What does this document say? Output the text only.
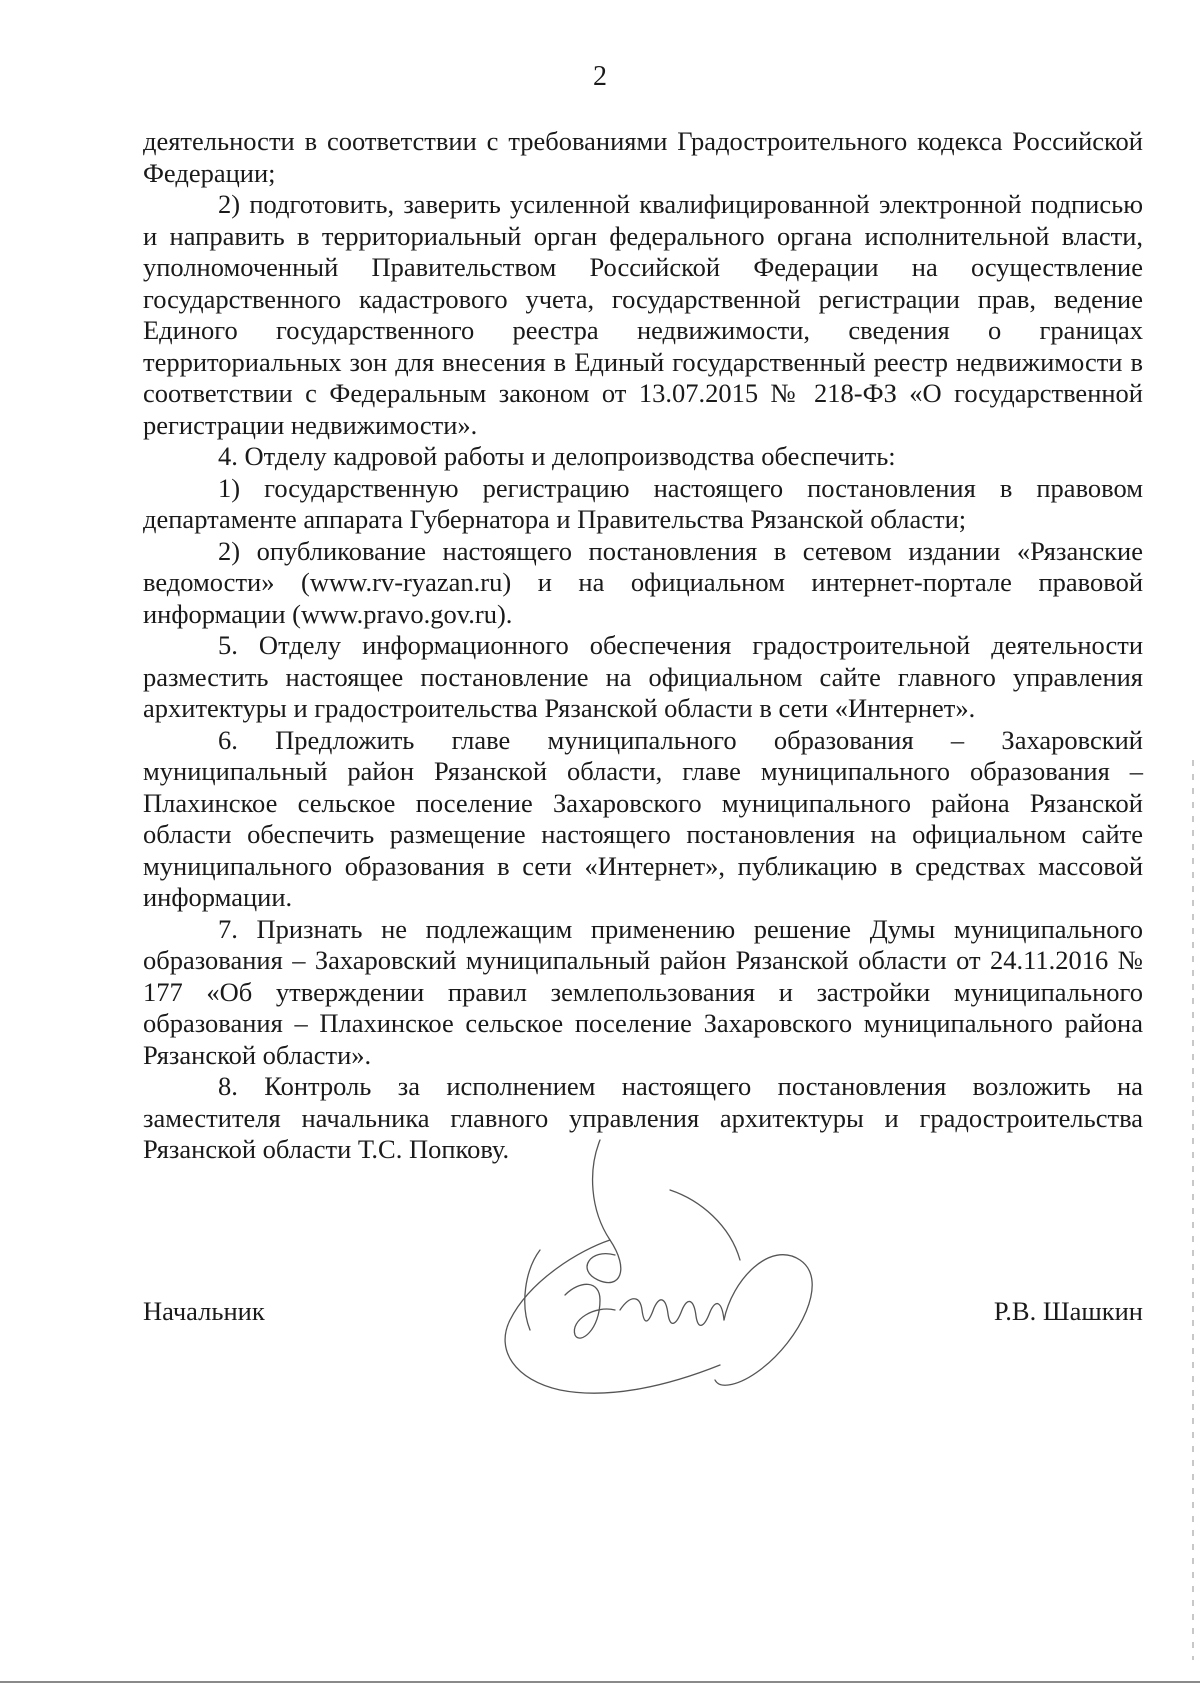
2

деятельности в соответствии с требованиями Градостроительного кодекса Российской Федерации;

2) подготовить, заверить усиленной квалифицированной электронной подписью и направить в территориальный орган федерального органа исполнительной власти, уполномоченный Правительством Российской Федерации на осуществление государственного кадастрового учета, государственной регистрации прав, ведение Единого государственного реестра недвижимости, сведения о границах территориальных зон для внесения в Единый государственный реестр недвижимости в соответствии с Федеральным законом от 13.07.2015 № 218-ФЗ «О государственной регистрации недвижимости».

4. Отделу кадровой работы и делопроизводства обеспечить:

1) государственную регистрацию настоящего постановления в правовом департаменте аппарата Губернатора и Правительства Рязанской области;

2) опубликование настоящего постановления в сетевом издании «Рязанские ведомости» (www.rv-ryazan.ru) и на официальном интернет-портале правовой информации (www.pravo.gov.ru).

5. Отделу информационного обеспечения градостроительной деятельности разместить настоящее постановление на официальном сайте главного управления архитектуры и градостроительства Рязанской области в сети «Интернет».

6. Предложить главе муниципального образования – Захаровский муниципальный район Рязанской области, главе муниципального образования – Плахинское сельское поселение Захаровского муниципального района Рязанской области обеспечить размещение настоящего постановления на официальном сайте муниципального образования в сети «Интернет», публикацию в средствах массовой информации.

7. Признать не подлежащим применению решение Думы муниципального образования – Захаровский муниципальный район Рязанской области от 24.11.2016 № 177 «Об утверждении правил землепользования и застройки муниципального образования – Плахинское сельское поселение Захаровского муниципального района Рязанской области».

8. Контроль за исполнением настоящего постановления возложить на заместителя начальника главного управления архитектуры и градостроительства Рязанской области Т.С. Попкову.

Начальник	Р.В. Шашкин
